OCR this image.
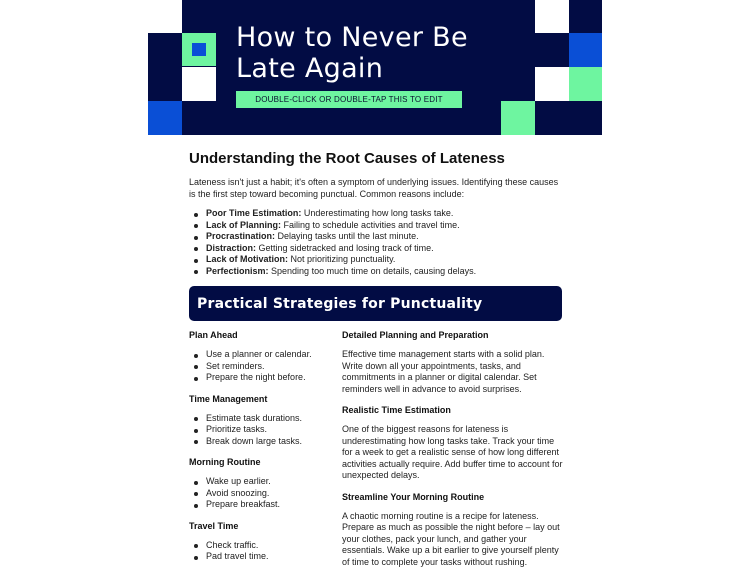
How to Never Be Late Again
DOUBLE-CLICK OR DOUBLE-TAP THIS TO EDIT
Understanding the Root Causes of Lateness

Lateness isn't just a habit; it's often a symptom of underlying issues. Identifying these causes is the first step toward becoming punctual. Common reasons include:

Poor Time Estimation: Underestimating how long tasks take.
Lack of Planning: Failing to schedule activities and travel time.
Procrastination: Delaying tasks until the last minute.
Distraction: Getting sidetracked and losing track of time.
Lack of Motivation: Not prioritizing punctuality.
Perfectionism: Spending too much time on details, causing delays.
Practical Strategies for Punctuality
Plan Ahead
Use a planner or calendar.
Set reminders.
Prepare the night before.
Time Management
Estimate task durations.
Prioritize tasks.
Break down large tasks.
Morning Routine
Wake up earlier.
Avoid snoozing.
Prepare breakfast.
Travel Time
Check traffic.
Pad travel time.
Detailed Planning and Preparation

Effective time management starts with a solid plan. Write down all your appointments, tasks, and commitments in a planner or digital calendar. Set reminders well in advance to avoid surprises.

Realistic Time Estimation

One of the biggest reasons for lateness is underestimating how long tasks take. Track your time for a week to get a realistic sense of how long different activities actually require. Add buffer time to account for unexpected delays.

Streamline Your Morning Routine

A chaotic morning routine is a recipe for lateness. Prepare as much as possible the night before – lay out your clothes, pack your lunch, and gather your essentials. Wake up a bit earlier to give yourself plenty of time to complete your tasks without rushing.
